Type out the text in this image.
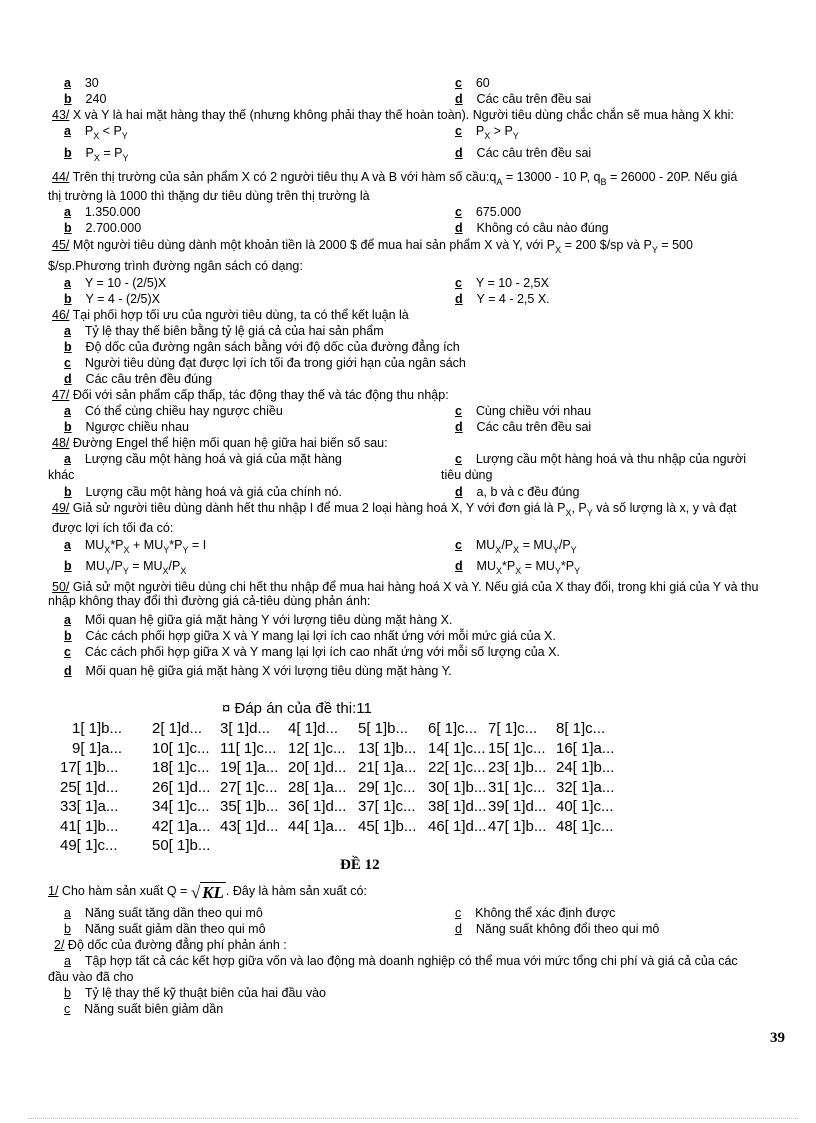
a 30	c 60
b 240	d Các câu trên đều sai
43/ X và Y là hai mặt hàng thay thế (nhưng không phải thay thế hoàn toàn). Người tiêu dùng chắc chắn sẽ mua hàng X khi:
a    $P_X < P_Y$	c    $P_X > P_Y$
b    $P_X = P_Y$	d Các câu trên đều sai
44/ Trên thị trường của sản phẩm X có 2 người tiêu thụ A và B với hàm số $cầu:q_A = 13000 - 10$ P, $q_B = 26000 - 20P$. Nếu giá
thị trường là 1000 thì thặng dư tiêu dùng trên thị trường là
a 1.350.000	c 675.000
b 2.700.000	d Không có câu nào đúng
45/ Một người tiêu dùng dành một khoản tiền là 2000 $ để mua hai sản phẩm X và Y, với $P_X = 200$ $/sp và $P_Y = 500$
$/sp.Phương trình đường ngân sách có dạng:
a Y = 10 - (2/5)X	c Y = 10 - 2,5X
b Y = 4 - (2/5)X	d Y = 4 - 2,5 X.
46/ Tại phối hợp tối ưu của người tiêu dùng, ta có thể kết luận là
a Tỷ lệ thay thế biên bằng tỷ lệ giá cả của hai sản phẩm
b Độ dốc của đường ngân sách bằng với độ dốc của đường đẳng ích
c Người tiêu dùng đạt được lợi ích tối đa trong giới hạn của ngân sách
d Các câu trên đều đúng
47/ Đối với sản phẩm cấp thấp, tác động thay thế và tác động thu nhập:
a Có thể cùng chiều hay ngược chiều	c Cùng chiều với nhau
b Ngược chiều nhau	d Các câu trên đều sai
48/ Đường Engel thể hiện mối quan hệ giữa hai biến số sau:
a Lượng cầu một hàng hoá và giá của mặt hàng	c Lượng cầu một hàng hoá và thu nhập của người
khác	tiêu dùng
b Lượng cầu một hàng hoá và giá của chính nó.	d a, b và c đều đúng
49/ Giả sử người tiêu dùng dành hết thu nhập I để mua 2 loại hàng hoá X, Y với đơn giá là $P_X$, $P_Y$ và số lượng là x, y và đạt
được lợi ích tối đa có:
a    $MU_X*P_X + MU_Y*P_Y = I$	c    $MU_X/P_X = MU_Y/P_Y$
b    $MU_Y/P_Y = MU_X/P_X$	d    $MU_X*P_X = MU_Y*P_Y$
50/ Giả sử một người tiêu dùng chi hết thu nhập để mua hai hàng hoá X và Y. Nếu giá của X thay đổi, trong khi giá của Y và thu nhập không thay đổi thì đường giá cả-tiêu dùng phản ánh:
a Mối quan hệ giữa giá mặt hàng Y với lượng tiêu dùng mặt hàng X.
b Các cách phối hợp giữa X và Y mang lại lợi ích cao nhất ứng với mỗi mức giá của X.
c Các cách phối hợp giữa X và Y mang lại lợi ích cao nhất ứng với mỗi số lượng của X.
d Mối quan hệ giữa giá mặt hàng X với lượng tiêu dùng mặt hàng Y.
¤ Đáp án của đề thi:11
1[ 1]b... 2[ 1]d... 3[ 1]d... 4[ 1]d... 5[ 1]b... 6[ 1]c... 7[ 1]c... 8[ 1]c...
9[ 1]a... 10[ 1]c... 11[ 1]c... 12[ 1]c... 13[ 1]b... 14[ 1]c... 15[ 1]c... 16[ 1]a...
17[ 1]b... 18[ 1]c... 19[ 1]a... 20[ 1]d... 21[ 1]a... 22[ 1]c... 23[ 1]b... 24[ 1]b...
25[ 1]d... 26[ 1]d... 27[ 1]c... 28[ 1]a... 29[ 1]c... 30[ 1]b... 31[ 1]c... 32[ 1]a...
33[ 1]a... 34[ 1]c... 35[ 1]b... 36[ 1]d... 37[ 1]c... 38[ 1]d... 39[ 1]d... 40[ 1]c...
41[ 1]b... 42[ 1]a... 43[ 1]d... 44[ 1]a... 45[ 1]b... 46[ 1]d... 47[ 1]b... 48[ 1]c...
49[ 1]c... 50[ 1]b...
ĐỀ 12
1/ Cho hàm sản xuất Q = √ KL . Đây là hàm sản xuất có:
a Năng suất tăng dần theo qui mô	c Không thể xác định được
b Năng suất giảm dần theo qui mô	d Năng suất không đổi theo qui mô
2/ Độ dốc của đường đẳng phí phản ánh :
a Tập hợp tất cả các kết hợp giữa vốn và lao động mà doanh nghiệp có thể mua với mức tổng chi phí và giá cả của các
đầu vào đã cho
b Tỷ lệ thay thế kỹ thuật biên của hai đầu vào
c Năng suất biên giảm dần
39
